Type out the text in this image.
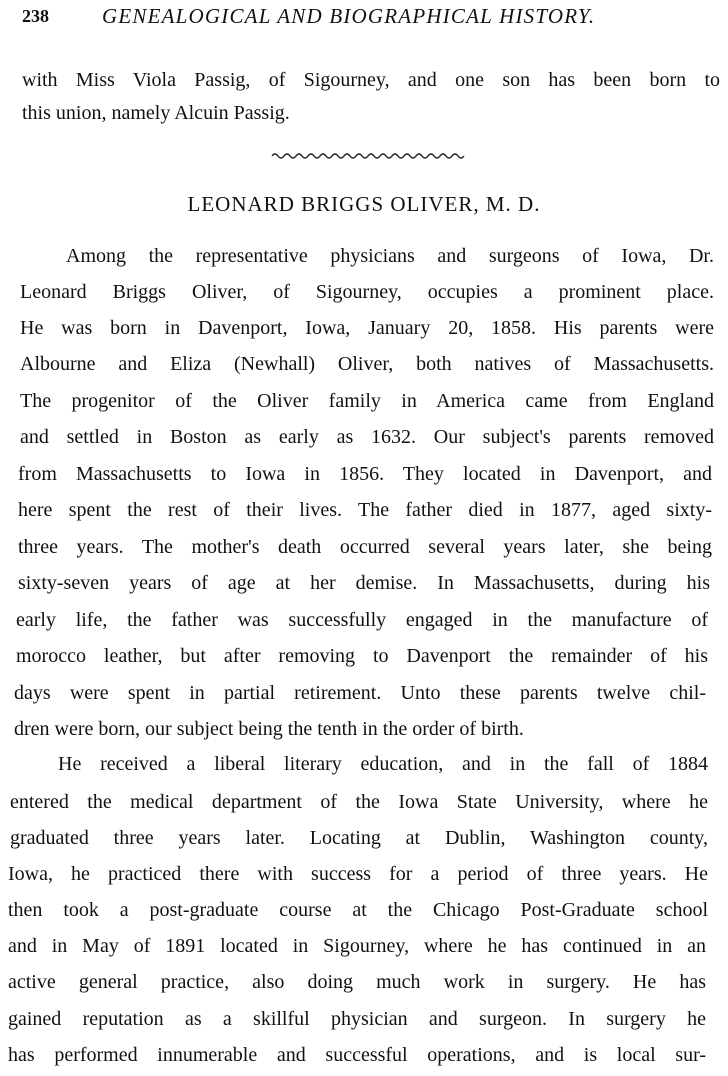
238	GENEALOGICAL AND BIOGRAPHICAL HISTORY.
with Miss Viola Passig, of Sigourney, and one son has been born to
this union, namely Alcuin Passig.
LEONARD BRIGGS OLIVER, M. D.
Among the representative physicians and surgeons of Iowa, Dr.
Leonard Briggs Oliver, of Sigourney, occupies a prominent place.
He was born in Davenport, Iowa, January 20, 1858. His parents were
Albourne and Eliza (Newhall) Oliver, both natives of Massachusetts.
The progenitor of the Oliver family in America came from England
and settled in Boston as early as 1632. Our subject's parents removed
from Massachusetts to Iowa in 1856. They located in Davenport, and
here spent the rest of their lives. The father died in 1877, aged sixty-
three years. The mother's death occurred several years later, she being
sixty-seven years of age at her demise. In Massachusetts, during his
early life, the father was successfully engaged in the manufacture of
morocco leather, but after removing to Davenport the remainder of his
days were spent in partial retirement. Unto these parents twelve chil-
dren were born, our subject being the tenth in the order of birth.
He received a liberal literary education, and in the fall of 1884
entered the medical department of the Iowa State University, where he
graduated three years later. Locating at Dublin, Washington county,
Iowa, he practiced there with success for a period of three years. He
then took a post-graduate course at the Chicago Post-Graduate school
and in May of 1891 located in Sigourney, where he has continued in an
active general practice, also doing much work in surgery. He has
gained reputation as a skillful physician and surgeon. In surgery he
has performed innumerable and successful operations, and is local sur-
